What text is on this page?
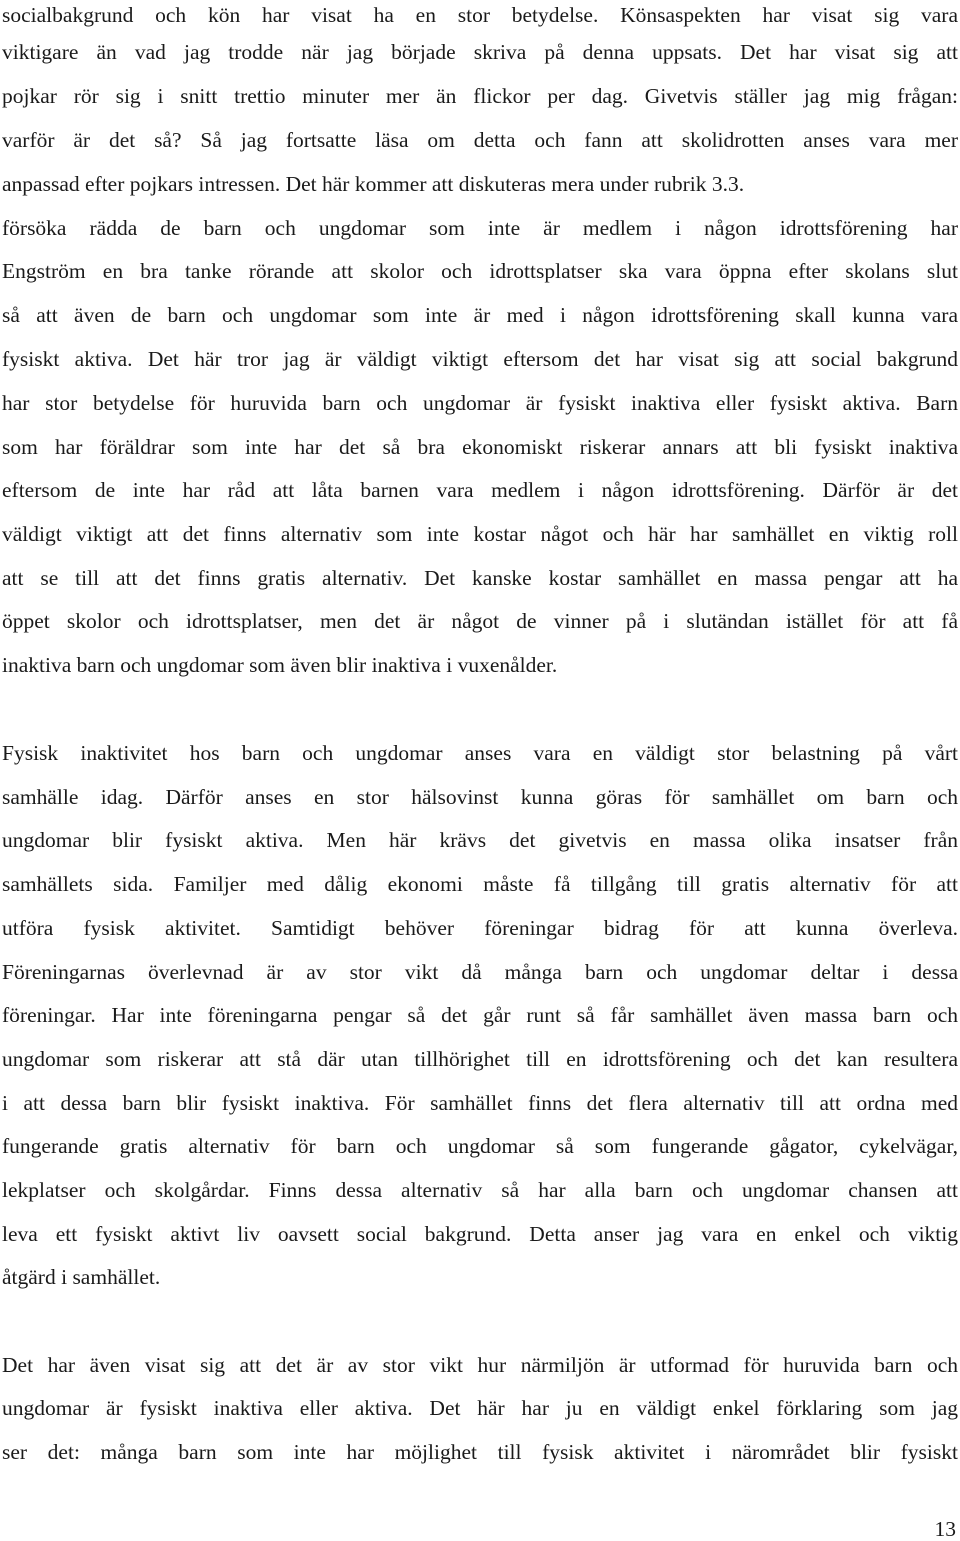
socialbakgrund och kön har visat ha en stor betydelse. Könsaspekten har visat sig vara
viktigare än vad jag trodde när jag började skriva på denna uppsats. Det har visat sig att
pojkar rör sig i snitt trettio minuter mer än flickor per dag. Givetvis ställer jag mig frågan:
varför är det så? Så jag fortsatte läsa om detta och fann att skolidrotten anses vara mer
anpassad efter pojkars intressen. Det här kommer att diskuteras mera under rubrik 3.3.
försöka rädda de barn och ungdomar som inte är medlem i någon idrottsförening har
Engström en bra tanke rörande att skolor och idrottsplatser ska vara öppna efter skolans slut
så att även de barn och ungdomar som inte är med i någon idrottsförening skall kunna vara
fysiskt aktiva. Det här tror jag är väldigt viktigt eftersom det har visat sig att social bakgrund
har stor betydelse för huruvida barn och ungdomar är fysiskt inaktiva eller fysiskt aktiva. Barn
som har föräldrar som inte har det så bra ekonomiskt riskerar annars att bli fysiskt inaktiva
eftersom de inte har råd att låta barnen vara medlem i någon idrottsförening. Därför är det
väldigt viktigt att det finns alternativ som inte kostar något och här har samhället en viktig roll
att se till att det finns gratis alternativ. Det kanske kostar samhället en massa pengar att ha
öppet skolor och idrottsplatser, men det är något de vinner på i slutändan istället för att få
inaktiva barn och ungdomar som även blir inaktiva i vuxenålder.
Fysisk inaktivitet hos barn och ungdomar anses vara en väldigt stor belastning på vårt
samhälle idag. Därför anses en stor hälsovinst kunna göras för samhället om barn och
ungdomar blir fysiskt aktiva. Men här krävs det givetvis en massa olika insatser från
samhällets sida. Familjer med dålig ekonomi måste få tillgång till gratis alternativ för att
utföra fysisk aktivitet. Samtidigt behöver föreningar bidrag för att kunna överleva.
Föreningarnas överlevnad är av stor vikt då många barn och ungdomar deltar i dessa
föreningar. Har inte föreningarna pengar så det går runt så får samhället även massa barn och
ungdomar som riskerar att stå där utan tillhörighet till en idrottsförening och det kan resultera
i att dessa barn blir fysiskt inaktiva. För samhället finns det flera alternativ till att ordna med
fungerande gratis alternativ för barn och ungdomar så som fungerande gågator, cykelvägar,
lekplatser och skolgårdar. Finns dessa alternativ så har alla barn och ungdomar chansen att
leva ett fysiskt aktivt liv oavsett social bakgrund. Detta anser jag vara en enkel och viktig
åtgärd i samhället.
Det har även visat sig att det är av stor vikt hur närmiljön är utformad för huruvida barn och
ungdomar är fysiskt inaktiva eller aktiva. Det här har ju en väldigt enkel förklaring som jag
ser det: många barn som inte har möjlighet till fysisk aktivitet i närområdet blir fysiskt
13
